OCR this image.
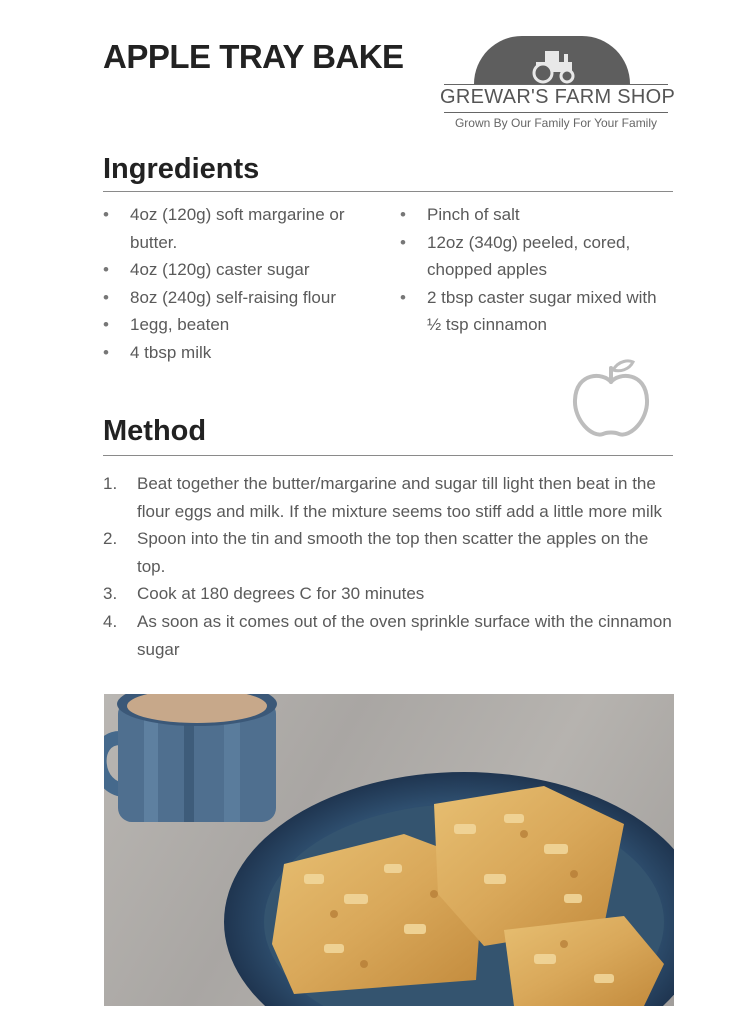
APPLE TRAY BAKE
GREWAR'S FARM SHOP
Grown By Our Family For Your Family
Ingredients
• 4oz (120g) soft margarine or butter.
• 4oz (120g) caster sugar
• 8oz (240g) self-raising flour
• 1egg, beaten
• 4 tbsp milk
• Pinch of salt
• 12oz (340g) peeled, cored, chopped apples
• 2 tbsp caster sugar mixed with ½ tsp cinnamon
Method
1. Beat together the butter/margarine and sugar till light then beat in the flour eggs and milk. If the mixture seems too stiff add a little more milk
2. Spoon into the tin and smooth the top then scatter the apples on the top.
3. Cook at 180 degrees C for 30 minutes
4. As soon as it comes out of the oven sprinkle surface with the cinnamon sugar
